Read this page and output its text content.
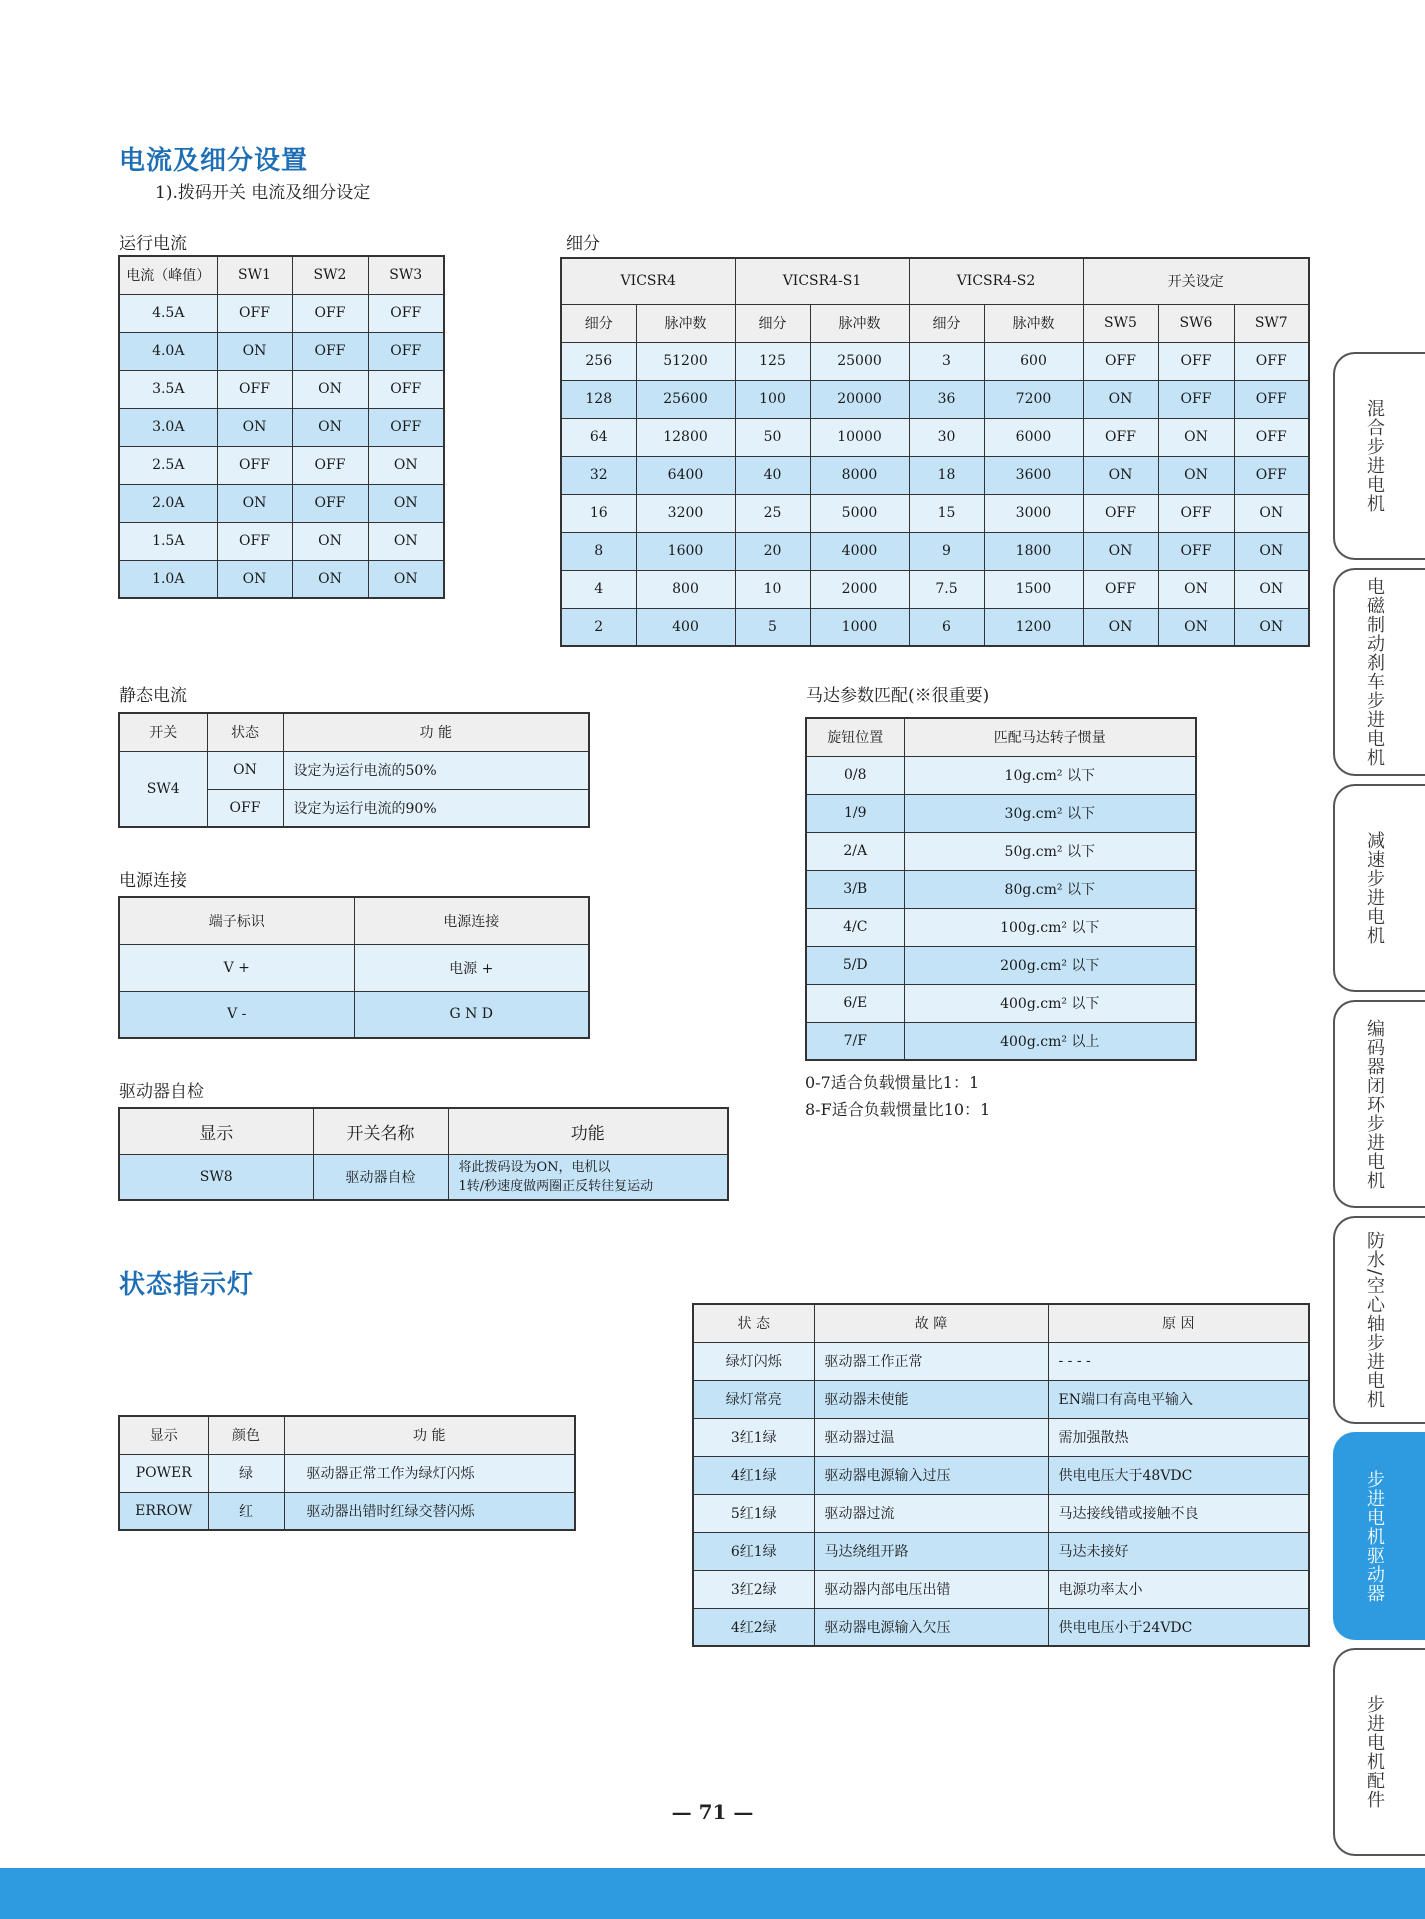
电流及细分设置
1).拨码开关 电流及细分设定
运行电流
电流（峰值）	SW1	SW2	SW3
4.5A	OFF	OFF	OFF
4.0A	ON	OFF	OFF
3.5A	OFF	ON	OFF
3.0A	ON	ON	OFF
2.5A	OFF	OFF	ON
2.0A	ON	OFF	ON
1.5A	OFF	ON	ON
1.0A	ON	ON	ON
细分
VICSR4		VICSR4-S1		VICSR4-S2		开关设定		
细分	脉冲数	细分	脉冲数	细分	脉冲数	SW5	SW6	SW7
256	51200	125	25000	3	600	OFF	OFF	OFF
128	25600	100	20000	36	7200	ON	OFF	OFF
64	12800	50	10000	30	6000	OFF	ON	OFF
32	6400	40	8000	18	3600	ON	ON	OFF
16	3200	25	5000	15	3000	OFF	OFF	ON
8	1600	20	4000	9	1800	ON	OFF	ON
4	800	10	2000	7.5	1500	OFF	ON	ON
2	400	5	1000	6	1200	ON	ON	ON
静态电流
开关	状态	功 能
SW4	ON	设定为运行电流的50%
	OFF	设定为运行电流的90%
电源连接
端子标识	电源连接
V +	电源 +
V -	G N D
驱动器自检
显示	开关名称	功能
SW8	驱动器自检	将此拨码设为ON，电机以
1转/秒速度做两圈正反转往复运动
马达参数匹配(※很重要)
旋钮位置	匹配马达转子惯量
0/8	10g.cm² 以下
1/9	30g.cm² 以下
2/A	50g.cm² 以下
3/B	80g.cm² 以下
4/C	100g.cm² 以下
5/D	200g.cm² 以下
6/E	400g.cm² 以下
7/F	400g.cm² 以上
0-7适合负载惯量比1：1
8-F适合负载惯量比10：1
状态指示灯
显示	颜色	功 能
POWER	绿	驱动器正常工作为绿灯闪烁
ERROW	红	驱动器出错时红绿交替闪烁
状 态	故 障	原 因
绿灯闪烁	驱动器工作正常	- - - -
绿灯常亮	驱动器未使能	EN端口有高电平输入
3红1绿	驱动器过温	需加强散热
4红1绿	驱动器电源输入过压	供电电压大于48VDC
5红1绿	驱动器过流	马达接线错或接触不良
6红1绿	马达绕组开路	马达未接好
3红2绿	驱动器内部电压出错	电源功率太小
4红2绿	驱动器电源输入欠压	供电电压小于24VDC
混合步进电机
电磁制动刹车步进电机
减速步进电机
编码器闭环步进电机
防水/空心轴步进电机
步进电机驱动器
步进电机配件
— 71 —
